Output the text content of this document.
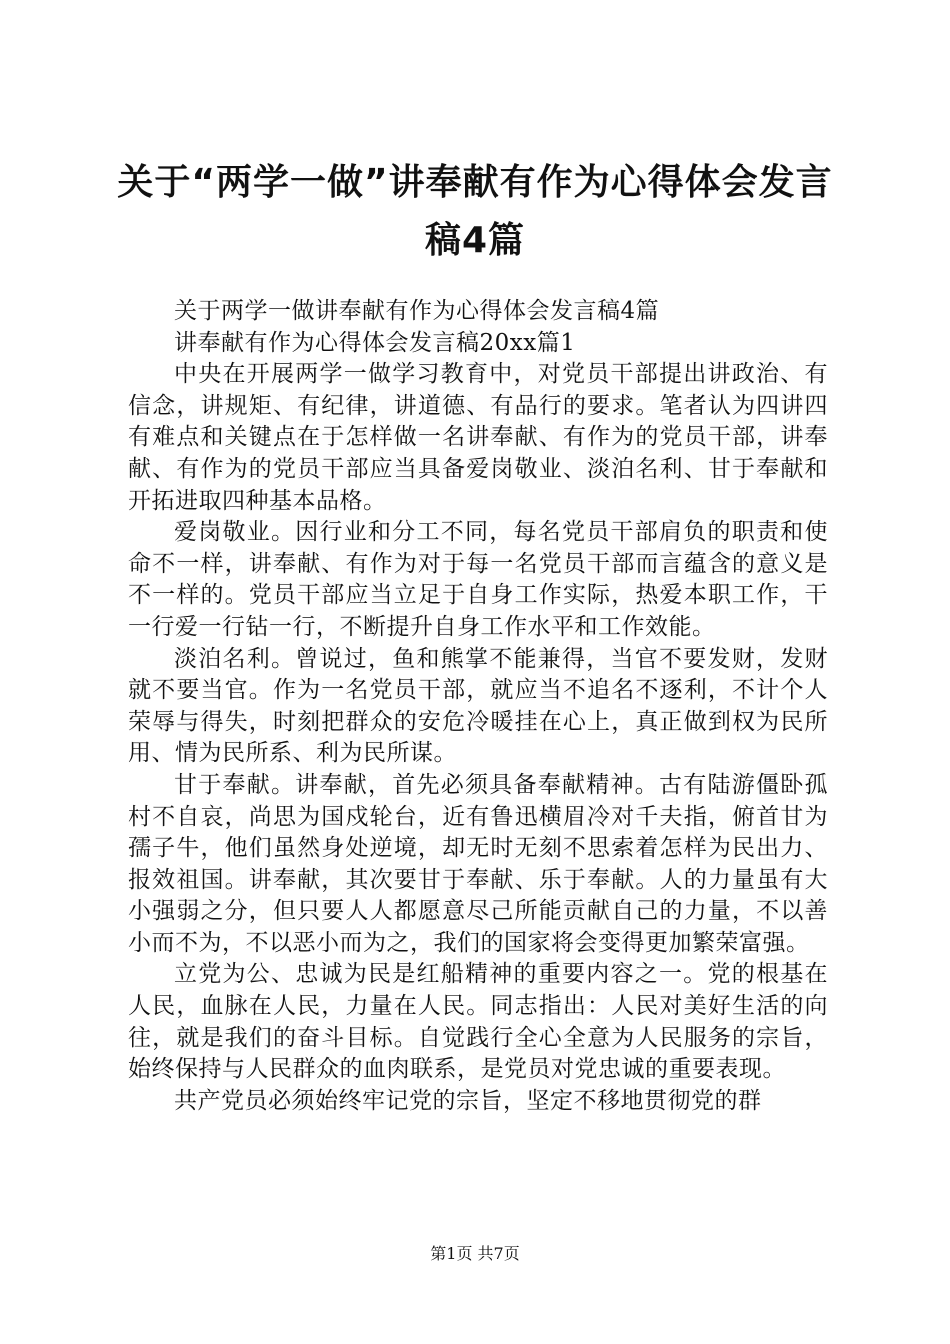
关于“两学一做”讲奉献有作为心得体会发言
稿4篇

关于两学一做讲奉献有作为心得体会发言稿4篇

讲奉献有作为心得体会发言稿20xx篇1

中央在开展两学一做学习教育中，对党员干部提出讲政治、有信念，讲规矩、有纪律，讲道德、有品行的要求。笔者认为四讲四有难点和关键点在于怎样做一名讲奉献、有作为的党员干部，讲奉献、有作为的党员干部应当具备爱岗敬业、淡泊名利、甘于奉献和开拓进取四种基本品格。

爱岗敬业。因行业和分工不同，每名党员干部肩负的职责和使命不一样，讲奉献、有作为对于每一名党员干部而言蕴含的意义是不一样的。党员干部应当立足于自身工作实际，热爱本职工作，干一行爱一行钻一行，不断提升自身工作水平和工作效能。

淡泊名利。曾说过，鱼和熊掌不能兼得，当官不要发财，发财就不要当官。作为一名党员干部，就应当不追名不逐利，不计个人荣辱与得失，时刻把群众的安危冷暖挂在心上，真正做到权为民所用、情为民所系、利为民所谋。

甘于奉献。讲奉献，首先必须具备奉献精神。古有陆游僵卧孤村不自哀，尚思为国戍轮台，近有鲁迅横眉冷对千夫指，俯首甘为孺子牛，他们虽然身处逆境，却无时无刻不思索着怎样为民出力、报效祖国。讲奉献，其次要甘于奉献、乐于奉献。人的力量虽有大小强弱之分，但只要人人都愿意尽己所能贡献自己的力量，不以善小而不为，不以恶小而为之，我们的国家将会变得更加繁荣富强。

立党为公、忠诚为民是红船精神的重要内容之一。党的根基在人民，血脉在人民，力量在人民。同志指出：人民对美好生活的向往，就是我们的奋斗目标。自觉践行全心全意为人民服务的宗旨，始终保持与人民群众的血肉联系，是党员对党忠诚的重要表现。

共产党员必须始终牢记党的宗旨，坚定不移地贯彻党的群

第1页 共7页
